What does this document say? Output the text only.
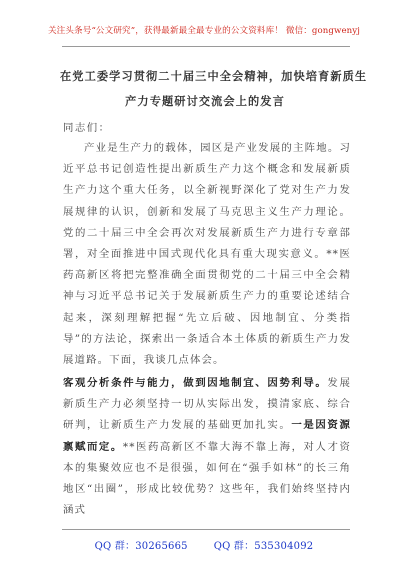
关注头条号“公文研究”，获得最新最全最专业的公文资料库！ 微信：gongwenyj
在党工委学习贯彻二十届三中全会精神，加快培育新质生
产力专题研讨交流会上的发言
同志们：

产业是生产力的载体，园区是产业发展的主阵地。习近平总书记创造性提出新质生产力这个概念和发展新质生产力这个重大任务，以全新视野深化了党对生产力发展规律的认识，创新和发展了马克思主义生产力理论。党的二十届三中全会再次对发展新质生产力进行专章部署，对全面推进中国式现代化具有重大现实意义。**医药高新区将把完整准确全面贯彻党的二十届三中全会精神与习近平总书记关于发展新质生产力的重要论述结合起来，深刻理解把握“先立后破、因地制宜、分类指导”的方法论，探索出一条适合本土体质的新质生产力发展道路。下面，我谈几点体会。

客观分析条件与能力，做到因地制宜、因势利导。发展新质生产力必须坚持一切从实际出发，摸清家底、综合研判，让新质生产力发展的基础更加扎实。一是因资源禀赋而定。**医药高新区不靠大海不靠上海，对人才资本的集聚效应也不是很强，如何在“强手如林”的长三角地区“出圈”，形成比较优势？这些年，我们始终坚持内涵式

QQ 群：30265665	QQ 群：535304092
